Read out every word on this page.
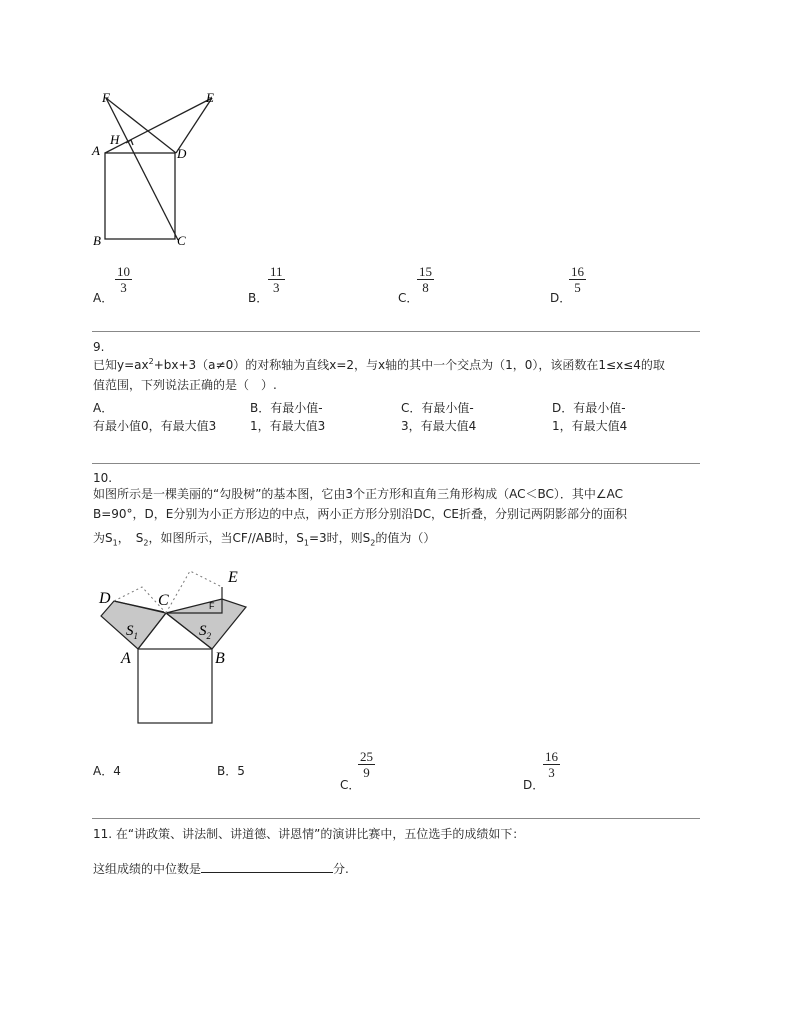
F	E
H
A	D
B	C
A．
$\frac{10}{3}$
B．
$\frac{11}{3}$
C．
$\frac{15}{8}$
D．
$\frac{16}{5}$
9.
已知$y=ax^2+bx+3(a\ne 0)$的对称轴为直线x=2，与x轴的其中一个交点为（1，0），该函数在1≤x≤4的取
值范围，下列说法正确的是（　）.
A．
有最小值0，有最大值3
B．有最小值-
1，有最大值3
C．有最小值-
3，有最大值4
D．有最小值-
1，有最大值4
10.
如图所示是一棵美丽的“勾股树”的基本图，它由3个正方形和直角三角形构成（AC＜BC）．其中∠AC
B=90°，D，E分别为小正方形边的中点，两小正方形分别沿DC，CE折叠，分别记两阴影部分的面积
为$S_1$，　$S_2$，如图所示，当CF//AB时，$S_1=3$时，则$S_2$的值为（）
D	C
E
F
$S_1$	$S_2$
A	B
A．4	B．5
C．
$\frac{25}{9}$
D．
$\frac{16}{3}$
11. 在“讲政策、讲法制、讲道德、讲恩情”的演讲比赛中，五位选手的成绩如下：
这组成绩的中位数是	分.
